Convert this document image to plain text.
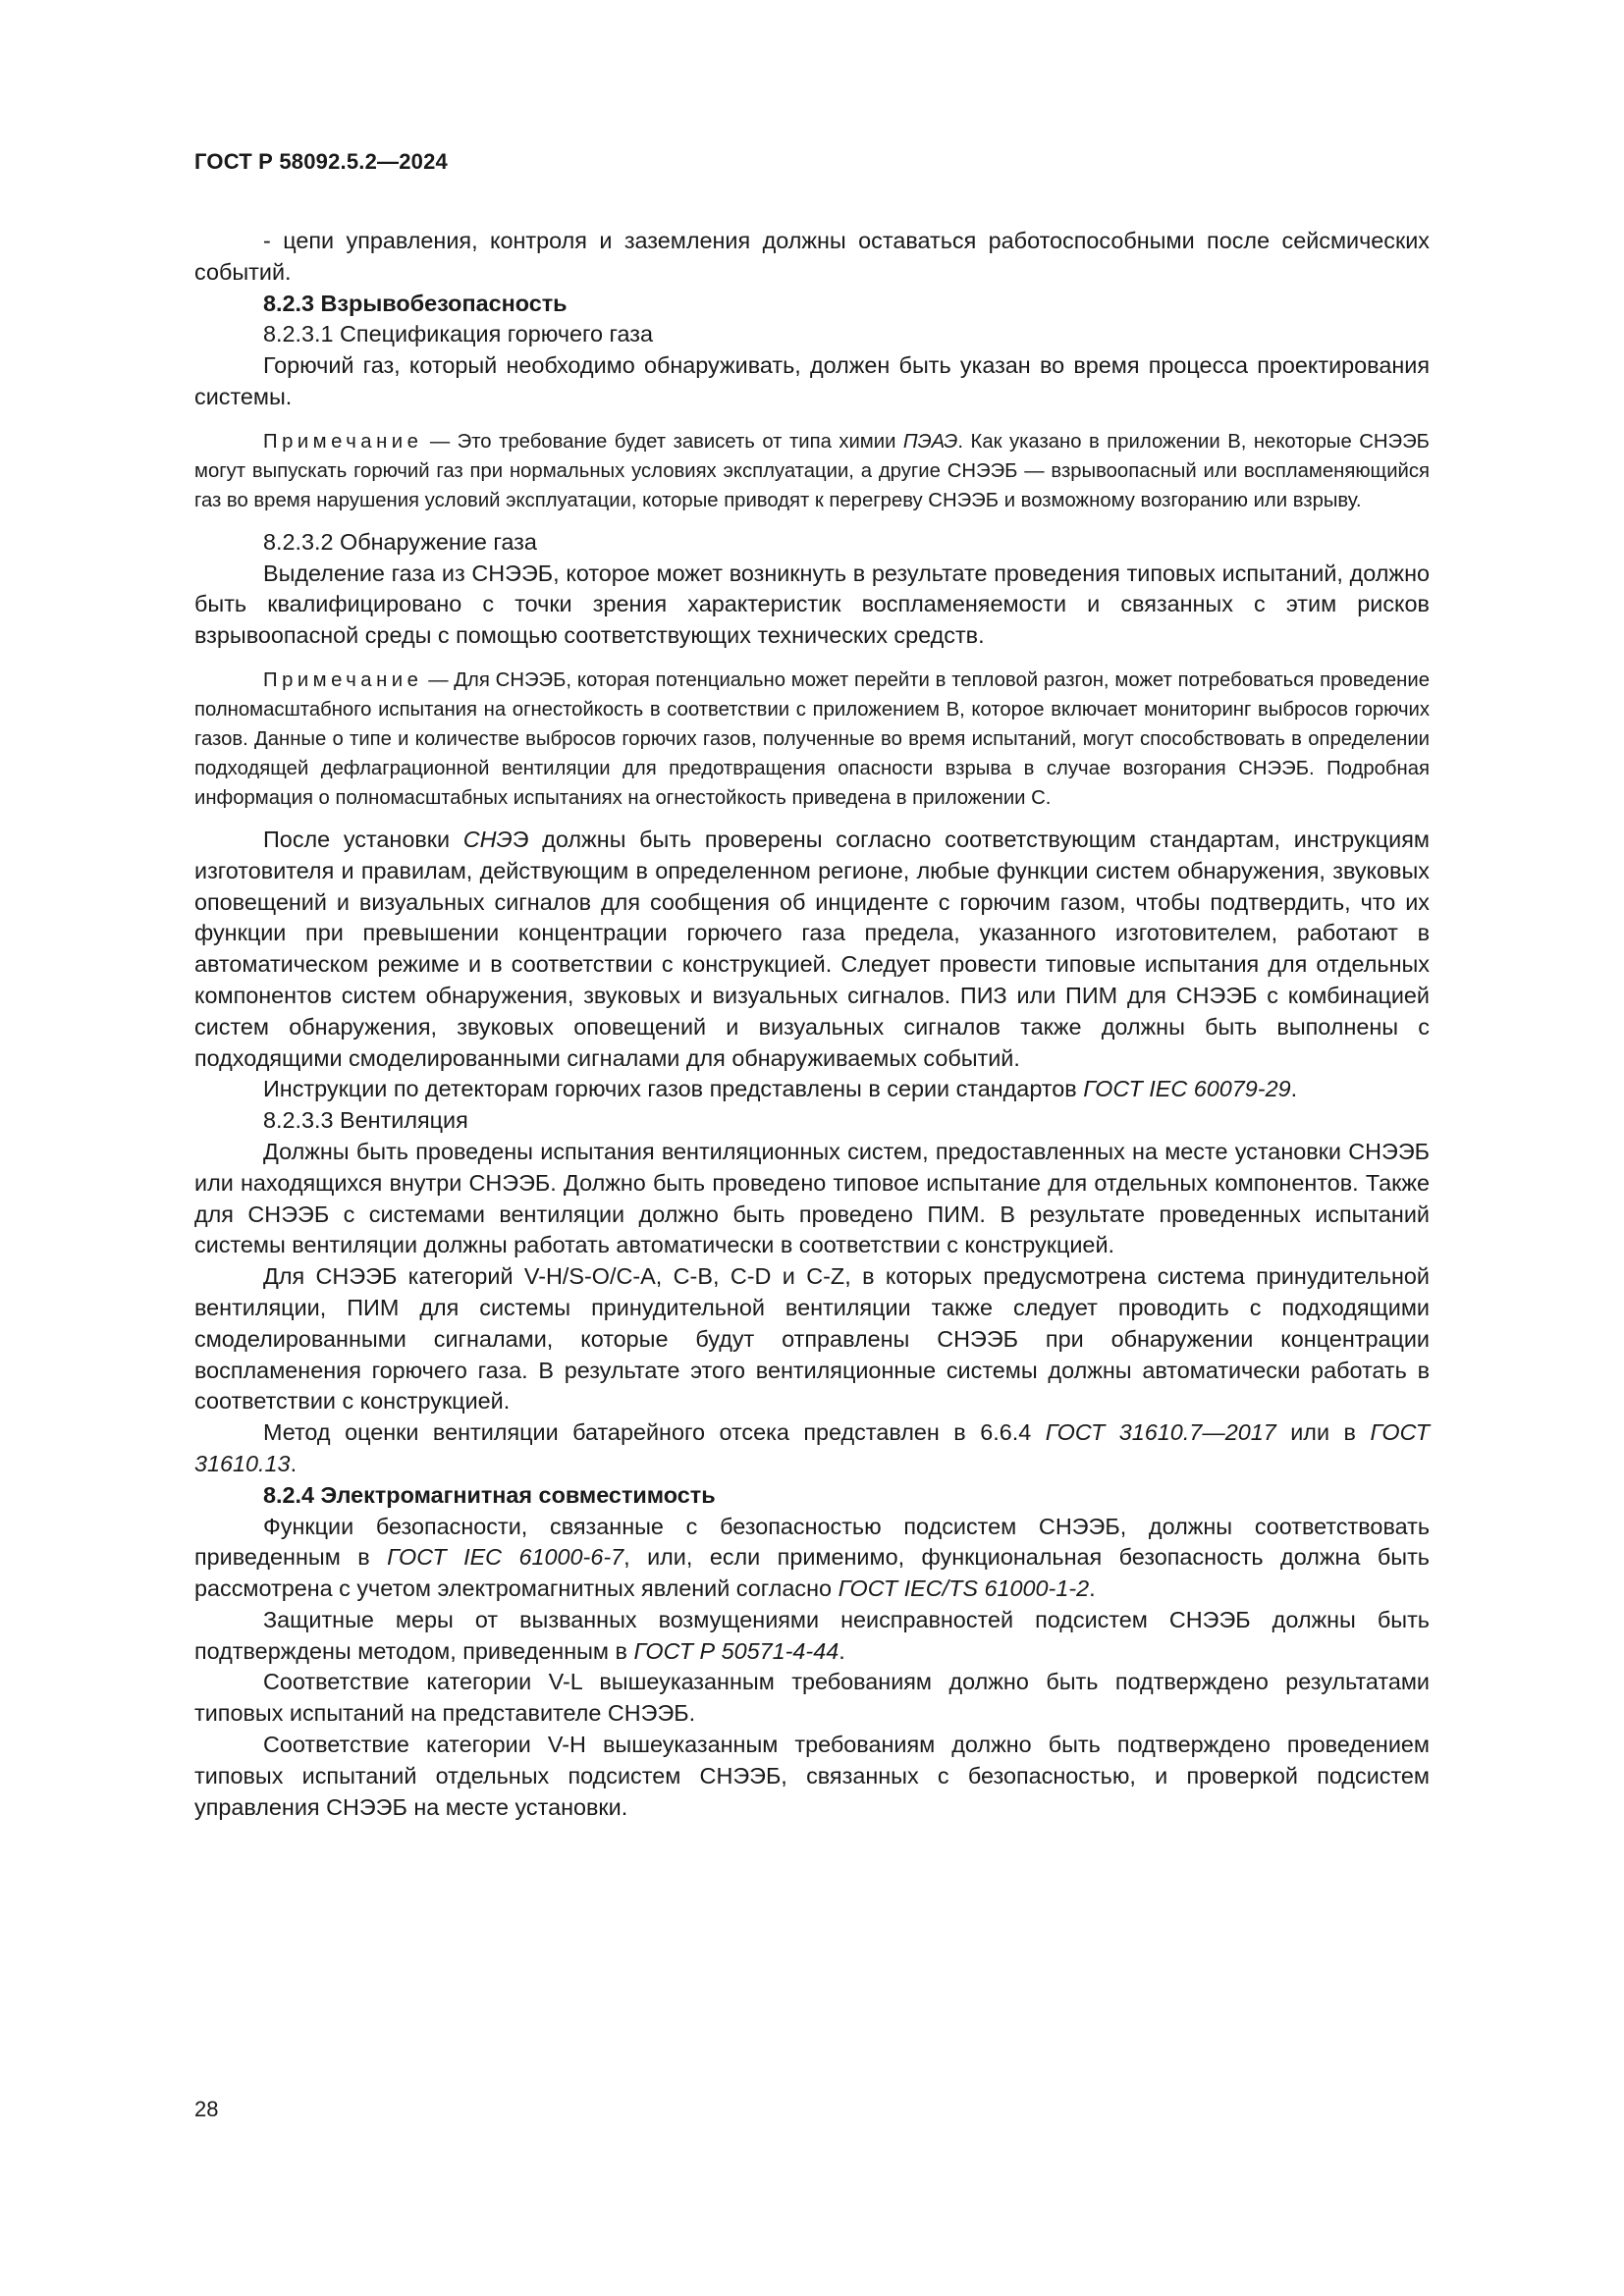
ГОСТ Р 58092.5.2—2024

- цепи управления, контроля и заземления должны оставаться работоспособными после сейсмических событий.

8.2.3 Взрывобезопасность

8.2.3.1 Спецификация горючего газа

Горючий газ, который необходимо обнаруживать, должен быть указан во время процесса проектирования системы.

Примечание — Это требование будет зависеть от типа химии ПЭАЭ. Как указано в приложении В, некоторые СНЭЭБ могут выпускать горючий газ при нормальных условиях эксплуатации, а другие СНЭЭБ — взрывоопасный или воспламеняющийся газ во время нарушения условий эксплуатации, которые приводят к перегреву СНЭЭБ и возможному возгоранию или взрыву.

8.2.3.2 Обнаружение газа

Выделение газа из СНЭЭБ, которое может возникнуть в результате проведения типовых испытаний, должно быть квалифицировано с точки зрения характеристик воспламеняемости и связанных с этим рисков взрывоопасной среды с помощью соответствующих технических средств.

Примечание — Для СНЭЭБ, которая потенциально может перейти в тепловой разгон, может потребоваться проведение полномасштабного испытания на огнестойкость в соответствии с приложением В, которое включает мониторинг выбросов горючих газов. Данные о типе и количестве выбросов горючих газов, полученные во время испытаний, могут способствовать в определении подходящей дефлаграционной вентиляции для предотвращения опасности взрыва в случае возгорания СНЭЭБ. Подробная информация о полномасштабных испытаниях на огнестойкость приведена в приложении С.

После установки СНЭЭ должны быть проверены согласно соответствующим стандартам, инструкциям изготовителя и правилам, действующим в определенном регионе, любые функции систем обнаружения, звуковых оповещений и визуальных сигналов для сообщения об инциденте с горючим газом, чтобы подтвердить, что их функции при превышении концентрации горючего газа предела, указанного изготовителем, работают в автоматическом режиме и в соответствии с конструкцией. Следует провести типовые испытания для отдельных компонентов систем обнаружения, звуковых и визуальных сигналов. ПИЗ или ПИМ для СНЭЭБ с комбинацией систем обнаружения, звуковых оповещений и визуальных сигналов также должны быть выполнены с подходящими смоделированными сигналами для обнаруживаемых событий.

Инструкции по детекторам горючих газов представлены в серии стандартов ГОСТ IEC 60079-29.

8.2.3.3 Вентиляция

Должны быть проведены испытания вентиляционных систем, предоставленных на месте установки СНЭЭБ или находящихся внутри СНЭЭБ. Должно быть проведено типовое испытание для отдельных компонентов. Также для СНЭЭБ с системами вентиляции должно быть проведено ПИМ. В результате проведенных испытаний системы вентиляции должны работать автоматически в соответствии с конструкцией.

Для СНЭЭБ категорий V-H/S-O/C-A, C-B, C-D и C-Z, в которых предусмотрена система принудительной вентиляции, ПИМ для системы принудительной вентиляции также следует проводить с подходящими смоделированными сигналами, которые будут отправлены СНЭЭБ при обнаружении концентрации воспламенения горючего газа. В результате этого вентиляционные системы должны автоматически работать в соответствии с конструкцией.

Метод оценки вентиляции батарейного отсека представлен в 6.6.4 ГОСТ 31610.7—2017 или в ГОСТ 31610.13.

8.2.4 Электромагнитная совместимость

Функции безопасности, связанные с безопасностью подсистем СНЭЭБ, должны соответствовать приведенным в ГОСТ IEC 61000-6-7, или, если применимо, функциональная безопасность должна быть рассмотрена с учетом электромагнитных явлений согласно ГОСТ IEC/TS 61000-1-2.

Защитные меры от вызванных возмущениями неисправностей подсистем СНЭЭБ должны быть подтверждены методом, приведенным в ГОСТ Р 50571-4-44.

Соответствие категории V-L вышеуказанным требованиям должно быть подтверждено результатами типовых испытаний на представителе СНЭЭБ.

Соответствие категории V-H вышеуказанным требованиям должно быть подтверждено проведением типовых испытаний отдельных подсистем СНЭЭБ, связанных с безопасностью, и проверкой подсистем управления СНЭЭБ на месте установки.

28
